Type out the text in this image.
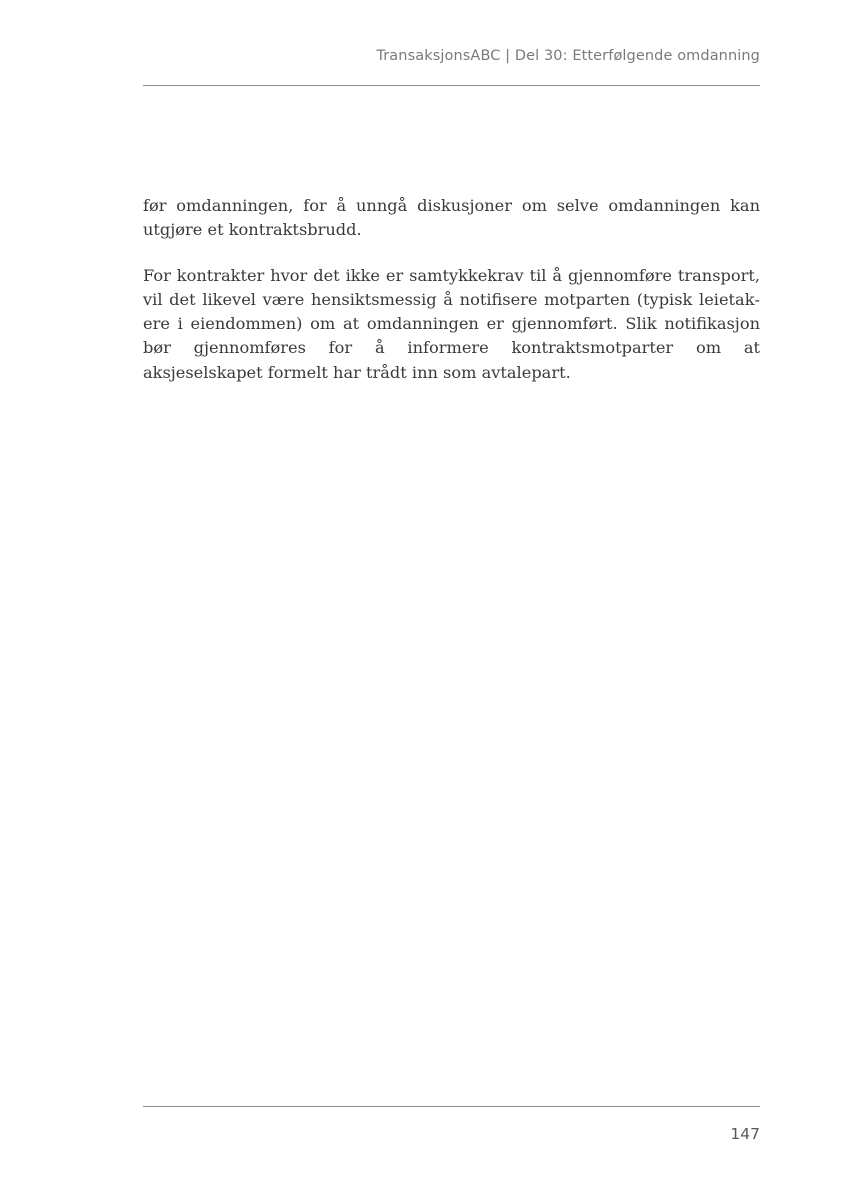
TransaksjonsABC | Del 30: Etterfølgende omdanning

før omdanningen, for å unngå diskusjoner om selve omdanningen kan utgjøre et kontraktsbrudd.

For kontrakter hvor det ikke er samtykkekrav til å gjennomføre transport, vil det likevel være hensiktsmessig å notifisere motparten (typisk leietakere i eiendommen) om at omdanningen er gjennomført. Slik notifikasjon bør gjennomføres for å informere kontraktsmotparter om at aksjeselskapet formelt har trådt inn som avtalepart.

147
